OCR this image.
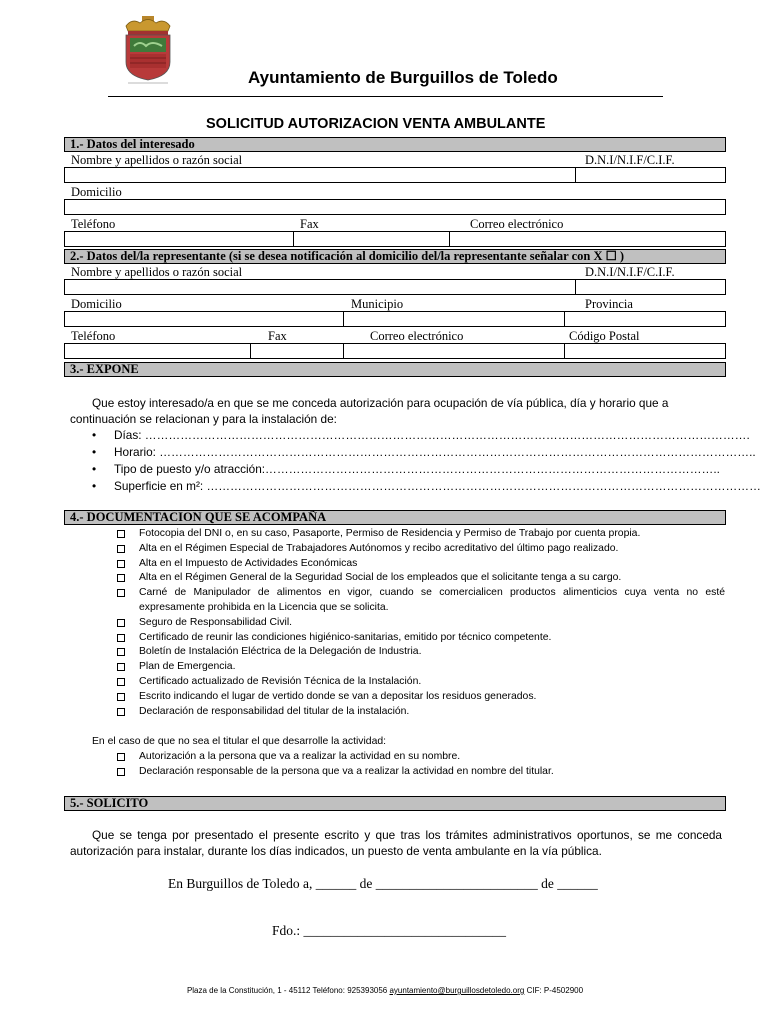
Ayuntamiento de Burguillos de Toledo
SOLICITUD AUTORIZACION VENTA AMBULANTE
1.- Datos del interesado
Nombre y apellidos o razón social	D.N.I/N.I.F/C.I.F.
Domicilio
Teléfono	Fax	Correo electrónico
2.- Datos del/la representante (si se desea notificación al domicilio del/la representante señalar con X ☐ )
Nombre y apellidos o razón social	D.N.I/N.I.F/C.I.F.
Domicilio	Municipio	Provincia
Teléfono	Fax	Correo electrónico	Código Postal
3.- EXPONE
Que estoy interesado/a en que se me conceda autorización para ocupación de vía pública, día y horario que a continuación se relacionan y para la instalación de:
• Días: ……………………………………………………………………………………………………………………………………….
• Horario: ……………………………………………………………………………………………………………………………………..
• Tipo de puesto y/o atracción:……………………………………………………………………………………………………..
• Superficie en m²: ……………………………………………………………………………………………………………………………
4.- DOCUMENTACION QUE SE ACOMPAÑA
Fotocopia del DNI o, en su caso, Pasaporte, Permiso de Residencia y Permiso de Trabajo por cuenta propia.
Alta en el Régimen Especial de Trabajadores Autónomos y recibo acreditativo del último pago realizado.
Alta en el Impuesto de Actividades Económicas
Alta en el Régimen General de la Seguridad Social de los empleados que el solicitante tenga a su cargo.
Carné de Manipulador de alimentos en vigor, cuando se comercialicen productos alimenticios cuya venta no esté expresamente prohibida en la Licencia que se solicita.
Seguro de Responsabilidad Civil.
Certificado de reunir las condiciones higiénico-sanitarias, emitido por técnico competente.
Boletín de Instalación Eléctrica de la Delegación de Industria.
Plan de Emergencia.
Certificado actualizado de Revisión Técnica de la Instalación.
Escrito indicando el lugar de vertido donde se van a depositar los residuos generados.
Declaración de responsabilidad del titular de la instalación.
En el caso de que no sea el titular el que desarrolle la actividad:
Autorización a la persona que va a realizar la actividad en su nombre.
Declaración responsable de la persona que va a realizar la actividad en nombre del titular.
5.- SOLICITO
Que se tenga por presentado el presente escrito y que tras los trámites administrativos oportunos, se me conceda autorización para instalar, durante los días indicados, un puesto de venta ambulante en la vía pública.
En Burguillos de Toledo a, ______ de ________________________ de ______
Fdo.: ______________________________
Plaza de la Constitución, 1 - 45112 Teléfono: 925393056 ayuntamiento@burguillosdetoledo.org CIF: P-4502900
